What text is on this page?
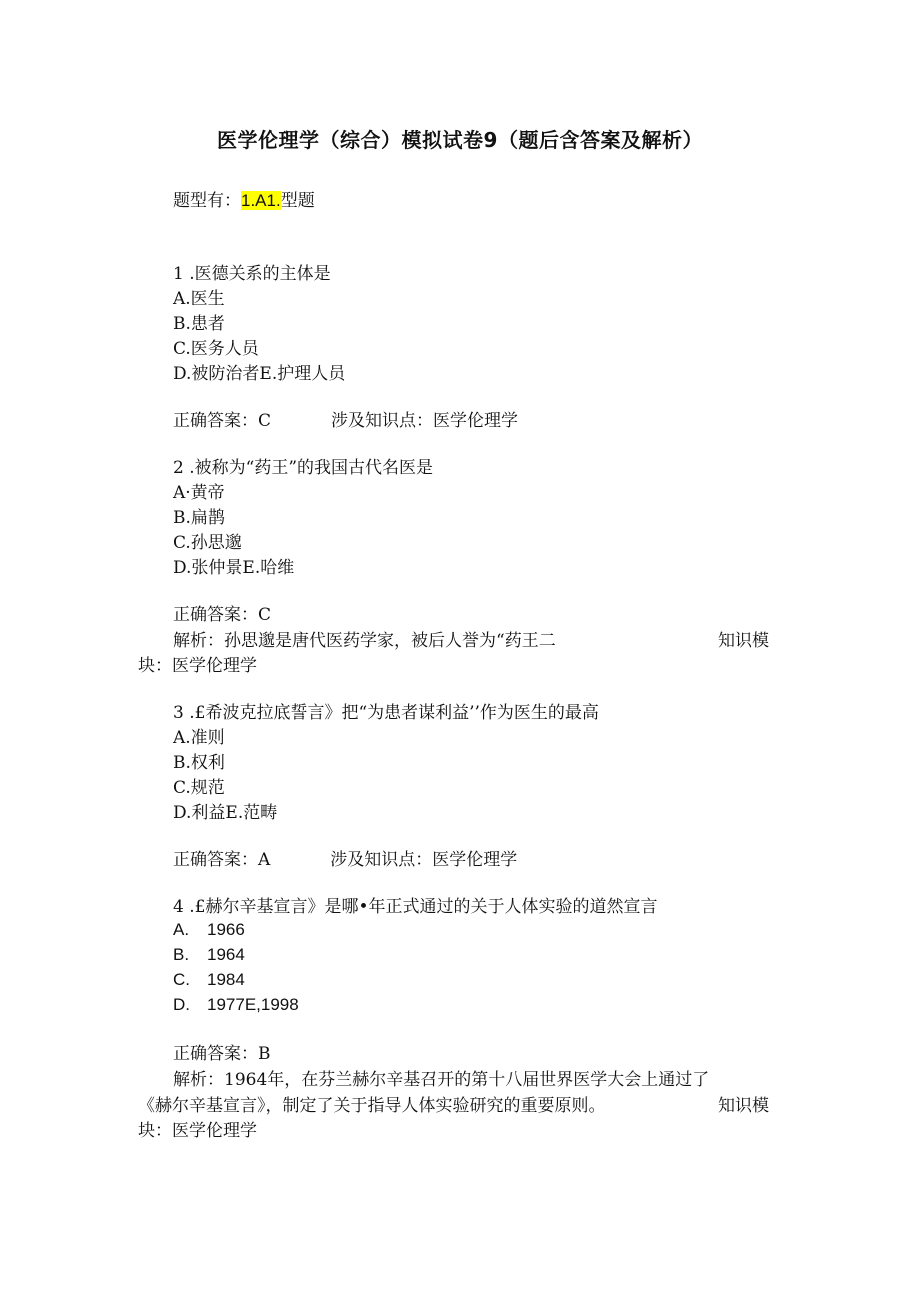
医学伦理学（综合）模拟试卷9（题后含答案及解析）
题型有：1.A1.型题
1 .医德关系的主体是
A.医生
B.患者
C.医务人员
D.被防治者E.护理人员
正确答案：C	涉及知识点：医学伦理学
2 .被称为“药王”的我国古代名医是
A·黄帝
B.扁鹊
C.孙思邈
D.张仲景E.哈维
正确答案：C
解析：孙思邈是唐代医药学家，被后人誉为“药王二	知识模
块：医学伦理学
3 .£希波克拉底誓言》把“为患者谋利益’’作为医生的最高
A.准则
B.权利
C.规范
D.利益E.范畴
正确答案：A	涉及知识点：医学伦理学
4 .£赫尔辛基宣言》是哪•年正式通过的关于人体实验的道然宣言
A. 1966
B. 1964
C. 1984
D. 1977E,1998
正确答案：B
解析：1964年，在芬兰赫尔辛基召开的第十八届世界医学大会上通过了
《赫尔辛基宣言》，制定了关于指导人体实验研究的重要原则。	知识模
块：医学伦理学
